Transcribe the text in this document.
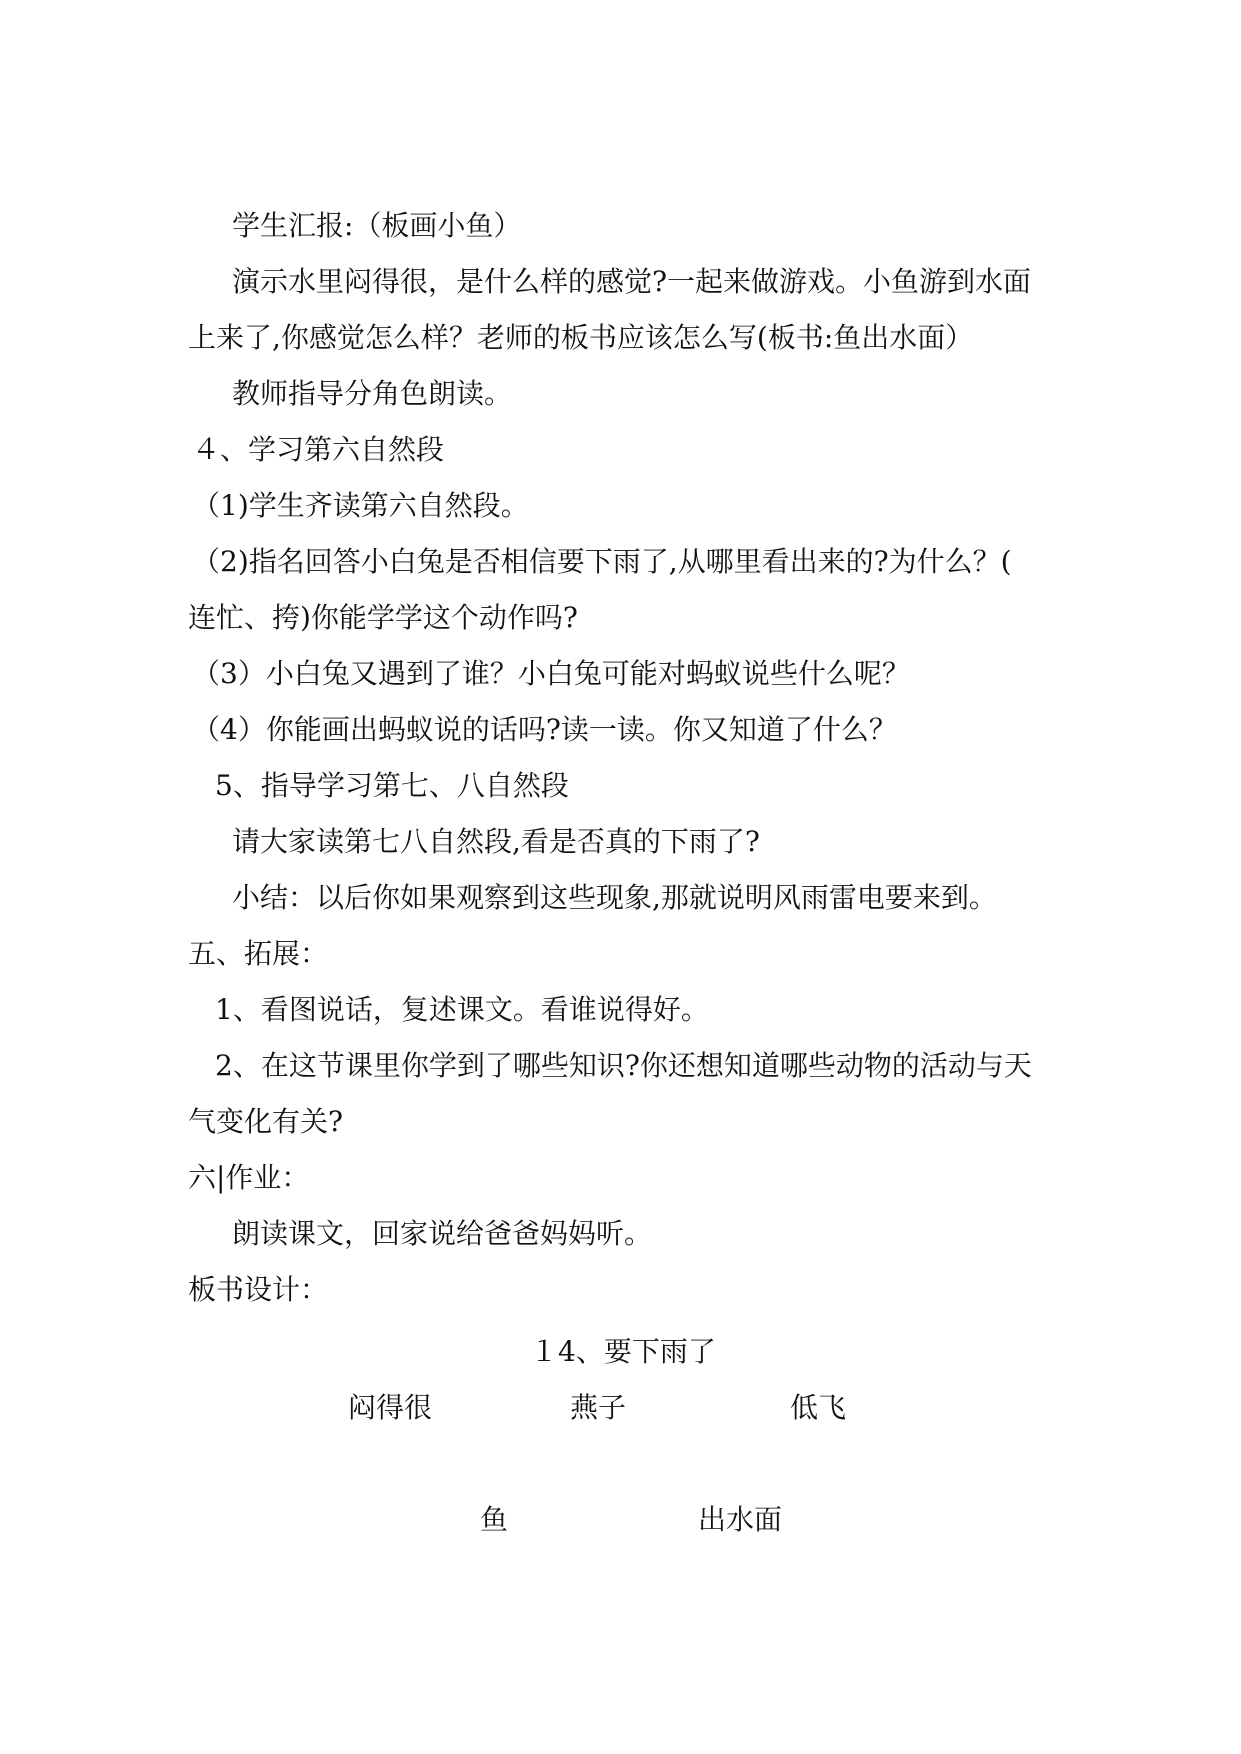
学生汇报:（板画小鱼）
演示水里闷得很，是什么样的感觉?一起来做游戏。小鱼游到水面
上来了,你感觉怎么样？老师的板书应该怎么写(板书:鱼出水面）
教师指导分角色朗读。
４、学习第六自然段
（1)学生齐读第六自然段。
（2)指名回答小白兔是否相信要下雨了,从哪里看出来的?为什么？(
连忙、挎)你能学学这个动作吗?
（3）小白兔又遇到了谁？小白兔可能对蚂蚁说些什么呢？
（4）你能画出蚂蚁说的话吗?读一读。你又知道了什么？
5、指导学习第七、八自然段
请大家读第七八自然段,看是否真的下雨了?
小结：以后你如果观察到这些现象,那就说明风雨雷电要来到。
五、拓展：
1、看图说话，复述课文。看谁说得好。
2、在这节课里你学到了哪些知识?你还想知道哪些动物的活动与天
气变化有关?
六|作业：
朗读课文，回家说给爸爸妈妈听。
板书设计：
１4、要下雨了
闷得很	燕子	低飞
鱼	出水面
